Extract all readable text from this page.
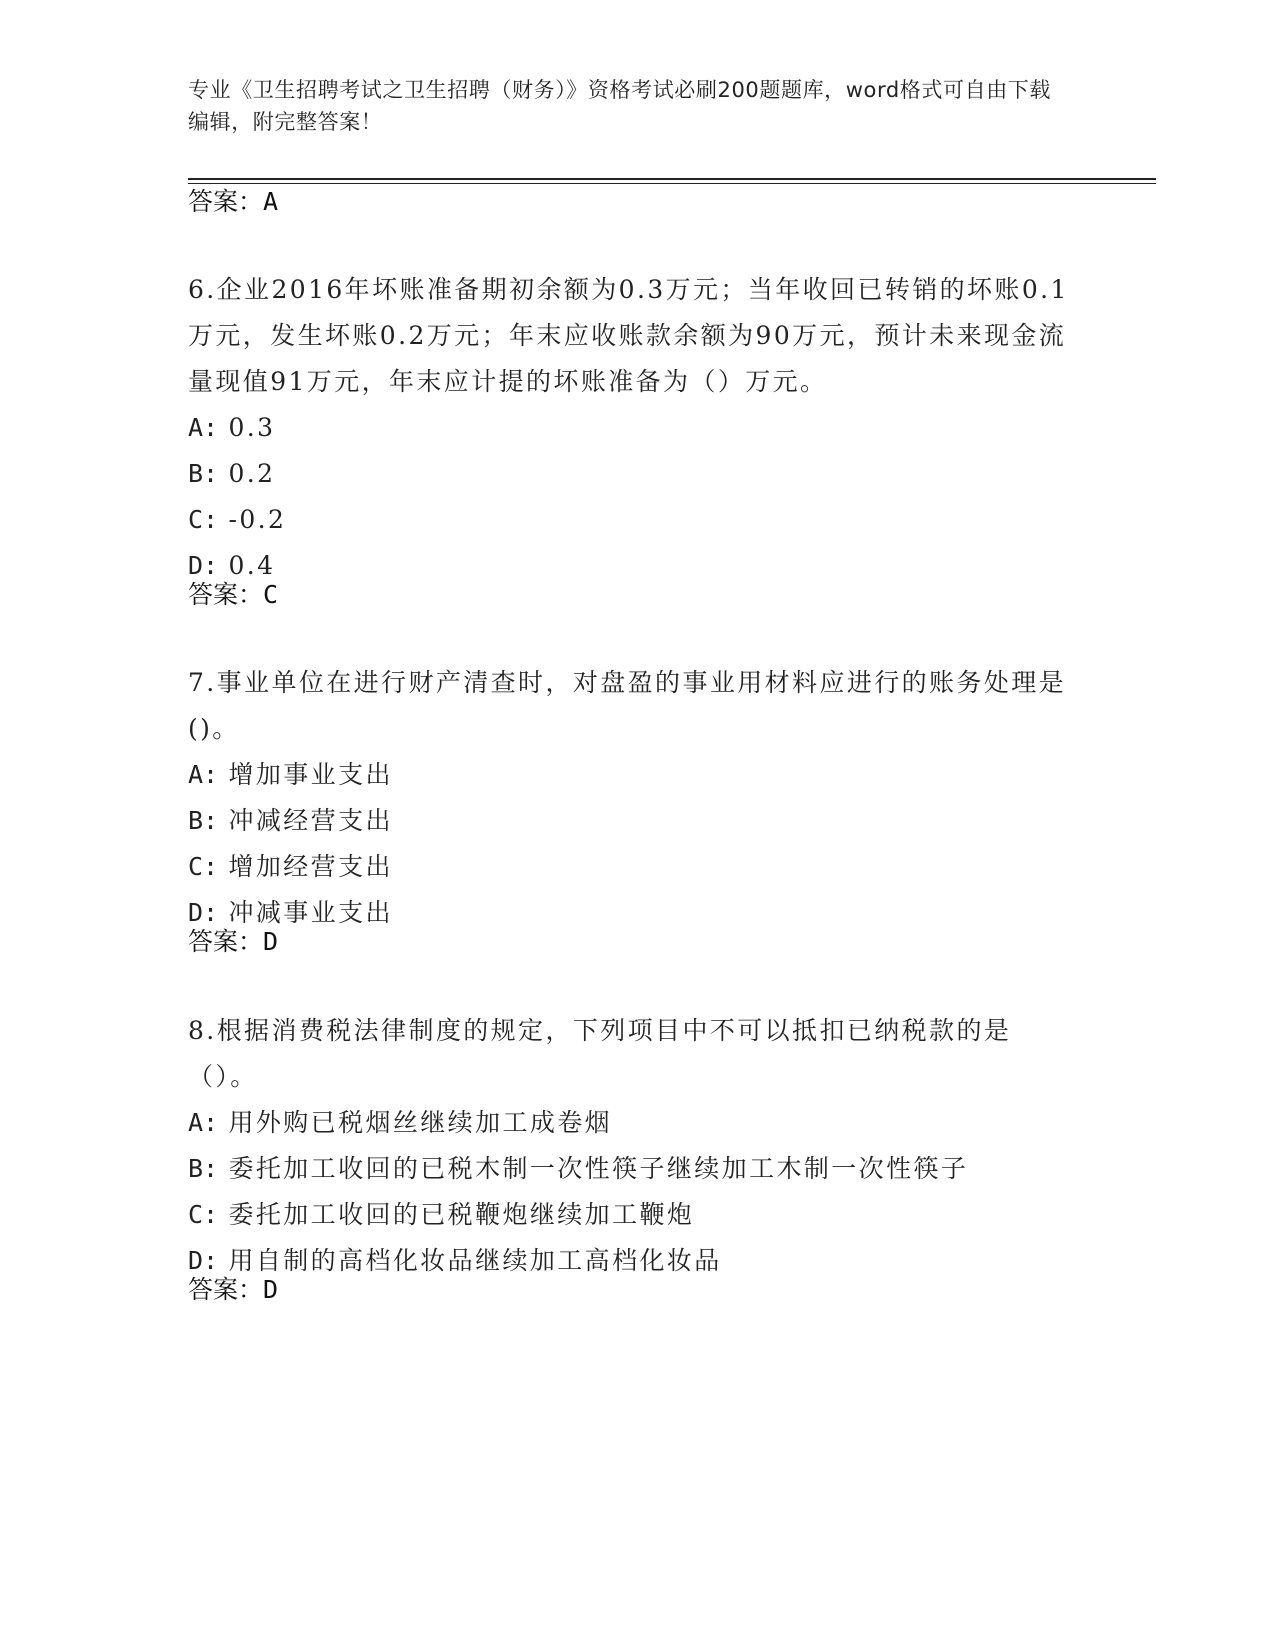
专业《卫生招聘考试之卫生招聘（财务）》资格考试必刷200题题库，word格式可自由下载编辑，附完整答案！
答案：A

6.企业2016年坏账准备期初余额为0.3万元；当年收回已转销的坏账0.1万元，发生坏账0.2万元；年末应收账款余额为90万元，预计未来现金流量现值91万元，年末应计提的坏账准备为（）万元。

A: 0.3

B: 0.2

C: -0.2

D: 0.4

答案：C

7.事业单位在进行财产清查时，对盘盈的事业用材料应进行的账务处理是()。

A: 增加事业支出

B: 冲减经营支出

C: 增加经营支出

D: 冲减事业支出

答案：D

8.根据消费税法律制度的规定，下列项目中不可以抵扣已纳税款的是（）。

A: 用外购已税烟丝继续加工成卷烟

B: 委托加工收回的已税木制一次性筷子继续加工木制一次性筷子

C: 委托加工收回的已税鞭炮继续加工鞭炮

D: 用自制的高档化妆品继续加工高档化妆品

答案：D
